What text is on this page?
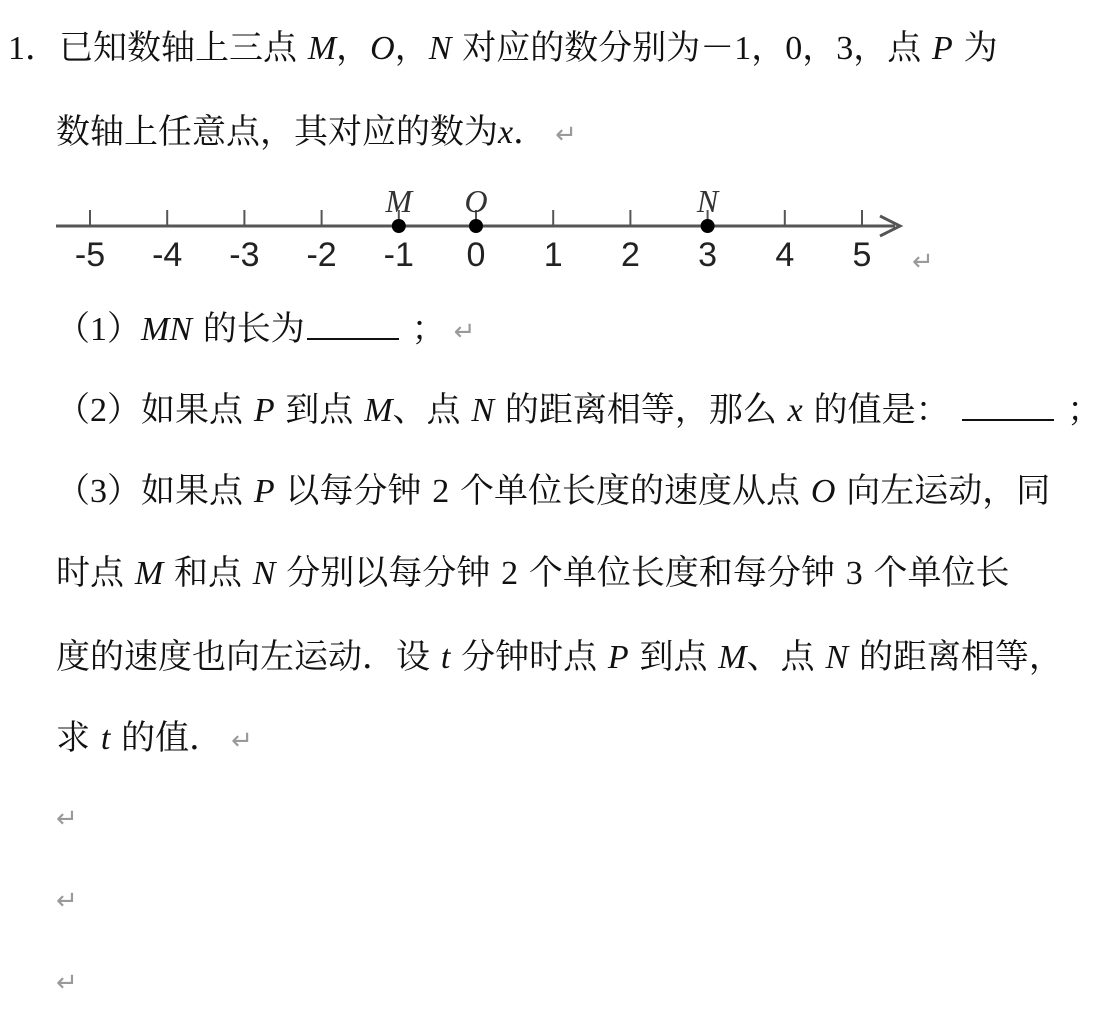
1．已知数轴上三点 M，O，N 对应的数分别为－1，0，3，点 P 为
数轴上任意点，其对应的数为x． ↵
-5 -4 -3 -2 -1 0 1 2 3 4 5
M O	N
↵
（1）MN 的长为	； ↵
（2）如果点 P 到点 M、点 N 的距离相等，那么 x 的值是：	；
（3）如果点 P 以每分钟 2 个单位长度的速度从点 O 向左运动，同
时点 M 和点 N 分别以每分钟 2 个单位长度和每分钟 3 个单位长
度的速度也向左运动．设 t 分钟时点 P 到点 M、点 N 的距离相等，
求 t 的值． ↵
↵
↵
↵
